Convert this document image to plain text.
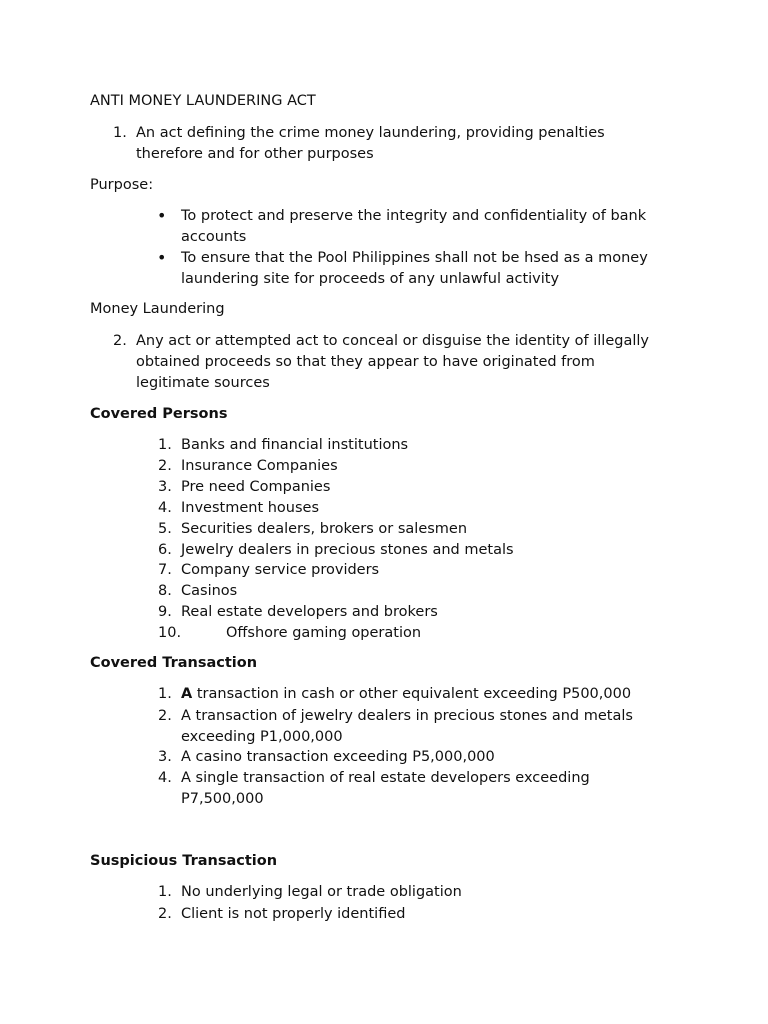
ANTI MONEY LAUNDERING ACT
1. An act defining the crime money laundering, providing penalties
therefore and for other purposes
Purpose:
• To protect and preserve the integrity and confidentiality of bank
accounts
• To ensure that the Pool Philippines shall not be hsed as a money
laundering site for proceeds of any unlawful activity
Money Laundering
2. Any act or attempted act to conceal or disguise the identity of illegally
obtained proceeds so that they appear to have originated from
legitimate sources
Covered Persons
1. Banks and financial institutions
2. Insurance Companies
3. Pre need Companies
4. Investment houses
5. Securities dealers, brokers or salesmen
6. Jewelry dealers in precious stones and metals
7. Company service providers
8. Casinos
9. Real estate developers and brokers
10.	Offshore gaming operation
Covered Transaction
1. A transaction in cash or other equivalent exceeding P500,000
2. A transaction of jewelry dealers in precious stones and metals
exceeding P1,000,000
3. A casino transaction exceeding P5,000,000
4. A single transaction of real estate developers exceeding
P7,500,000
Suspicious Transaction
1. No underlying legal or trade obligation
2. Client is not properly identified
